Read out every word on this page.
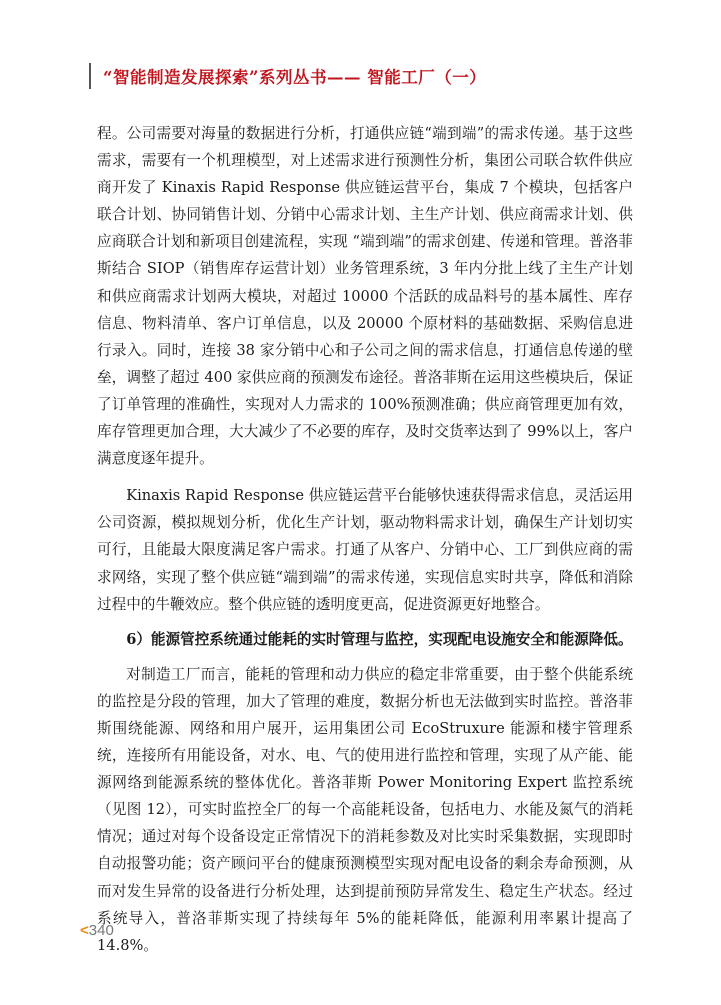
“智能制造发展探索”系列丛书—— 智能工厂（一）

程。公司需要对海量的数据进行分析，打通供应链“端到端”的需求传递。基于这些需求，需要有一个机理模型，对上述需求进行预测性分析，集团公司联合软件供应商开发了 Kinaxis Rapid Response 供应链运营平台，集成 7 个模块，包括客户联合计划、协同销售计划、分销中心需求计划、主生产计划、供应商需求计划、供应商联合计划和新项目创建流程，实现 “端到端”的需求创建、传递和管理。普洛菲斯结合 SIOP（销售库存运营计划）业务管理系统，3 年内分批上线了主生产计划和供应商需求计划两大模块，对超过 10000 个活跃的成品料号的基本属性、库存信息、物料清单、客户订单信息，以及 20000 个原材料的基础数据、采购信息进行录入。同时，连接 38 家分销中心和子公司之间的需求信息，打通信息传递的壁垒，调整了超过 400 家供应商的预测发布途径。普洛菲斯在运用这些模块后，保证了订单管理的准确性，实现对人力需求的 100%预测准确；供应商管理更加有效，库存管理更加合理，大大减少了不必要的库存，及时交货率达到了 99%以上，客户满意度逐年提升。

Kinaxis Rapid Response 供应链运营平台能够快速获得需求信息，灵活运用公司资源，模拟规划分析，优化生产计划，驱动物料需求计划，确保生产计划切实可行，且能最大限度满足客户需求。打通了从客户、分销中心、工厂到供应商的需求网络，实现了整个供应链“端到端”的需求传递，实现信息实时共享，降低和消除过程中的牛鞭效应。整个供应链的透明度更高，促进资源更好地整合。

6）能源管控系统通过能耗的实时管理与监控，实现配电设施安全和能源降低。

对制造工厂而言，能耗的管理和动力供应的稳定非常重要，由于整个供能系统的监控是分段的管理，加大了管理的难度，数据分析也无法做到实时监控。普洛菲斯围绕能源、网络和用户展开，运用集团公司 EcoStruxure 能源和楼宇管理系统，连接所有用能设备，对水、电、气的使用进行监控和管理，实现了从产能、能源网络到能源系统的整体优化。普洛菲斯 Power Monitoring Expert 监控系统（见图 12），可实时监控全厂的每一个高能耗设备，包括电力、水能及氮气的消耗情况；通过对每个设备设定正常情况下的消耗参数及对比实时采集数据，实现即时自动报警功能；资产顾问平台的健康预测模型实现对配电设备的剩余寿命预测，从而对发生异常的设备进行分析处理，达到提前预防异常发生、稳定生产状态。经过系统导入，普洛菲斯实现了持续每年 5%的能耗降低，能源利用率累计提高了 14.8%。

<340
